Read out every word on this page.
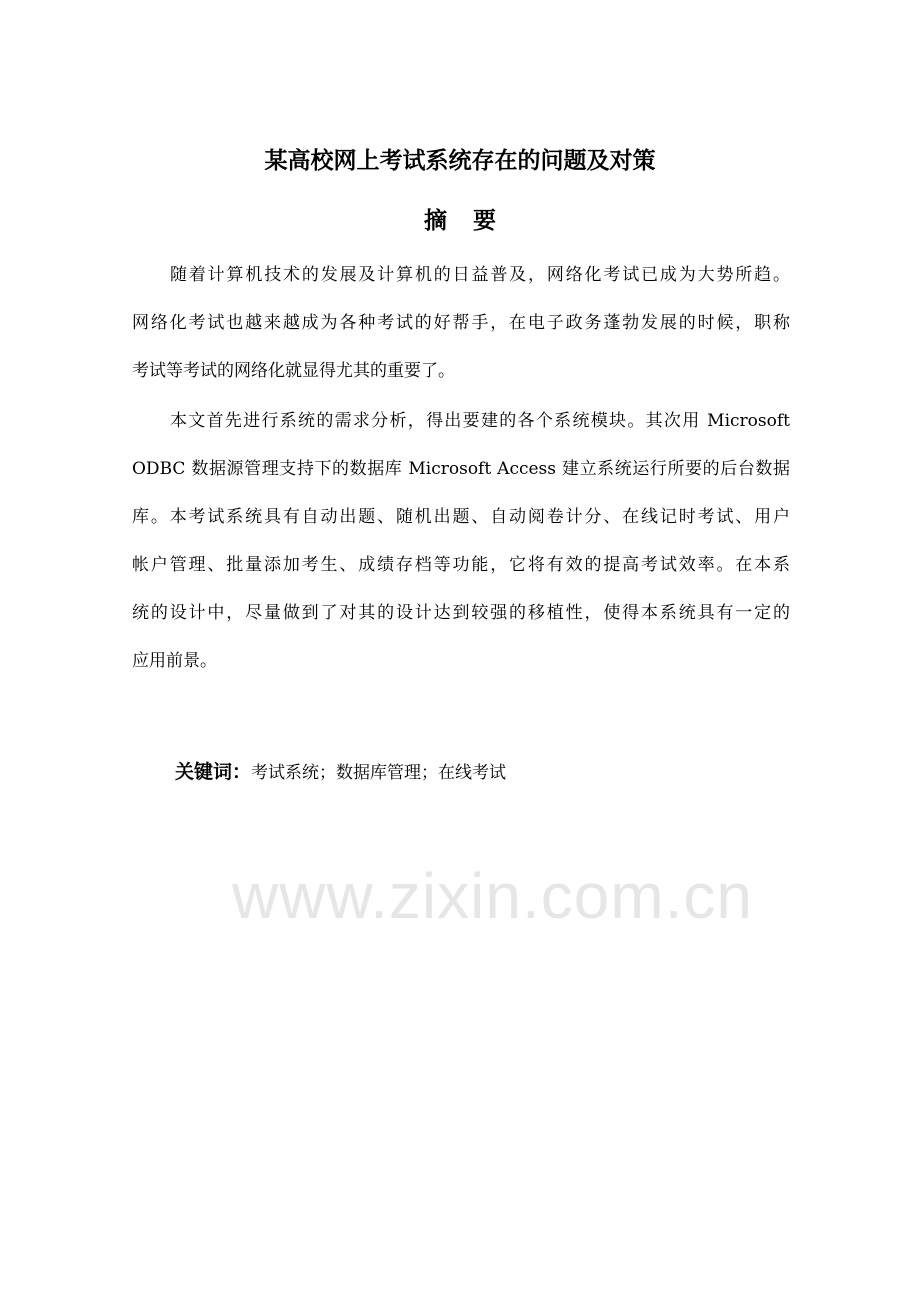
某高校网上考试系统存在的问题及对策
摘要
随着计算机技术的发展及计算机的日益普及，网络化考试已成为大势所趋。
网络化考试也越来越成为各种考试的好帮手，在电子政务蓬勃发展的时候，职称
考试等考试的网络化就显得尤其的重要了。
本文首先进行系统的需求分析，得出要建的各个系统模块。其次用 Microsoft
ODBC 数据源管理支持下的数据库 Microsoft Access 建立系统运行所要的后台数据
库。本考试系统具有自动出题、随机出题、自动阅卷计分、在线记时考试、用户
帐户管理、批量添加考生、成绩存档等功能，它将有效的提高考试效率。在本系
统的设计中，尽量做到了对其的设计达到较强的移植性，使得本系统具有一定的
应用前景。
关键词：考试系统；数据库管理；在线考试
www.zixin.com.cn
